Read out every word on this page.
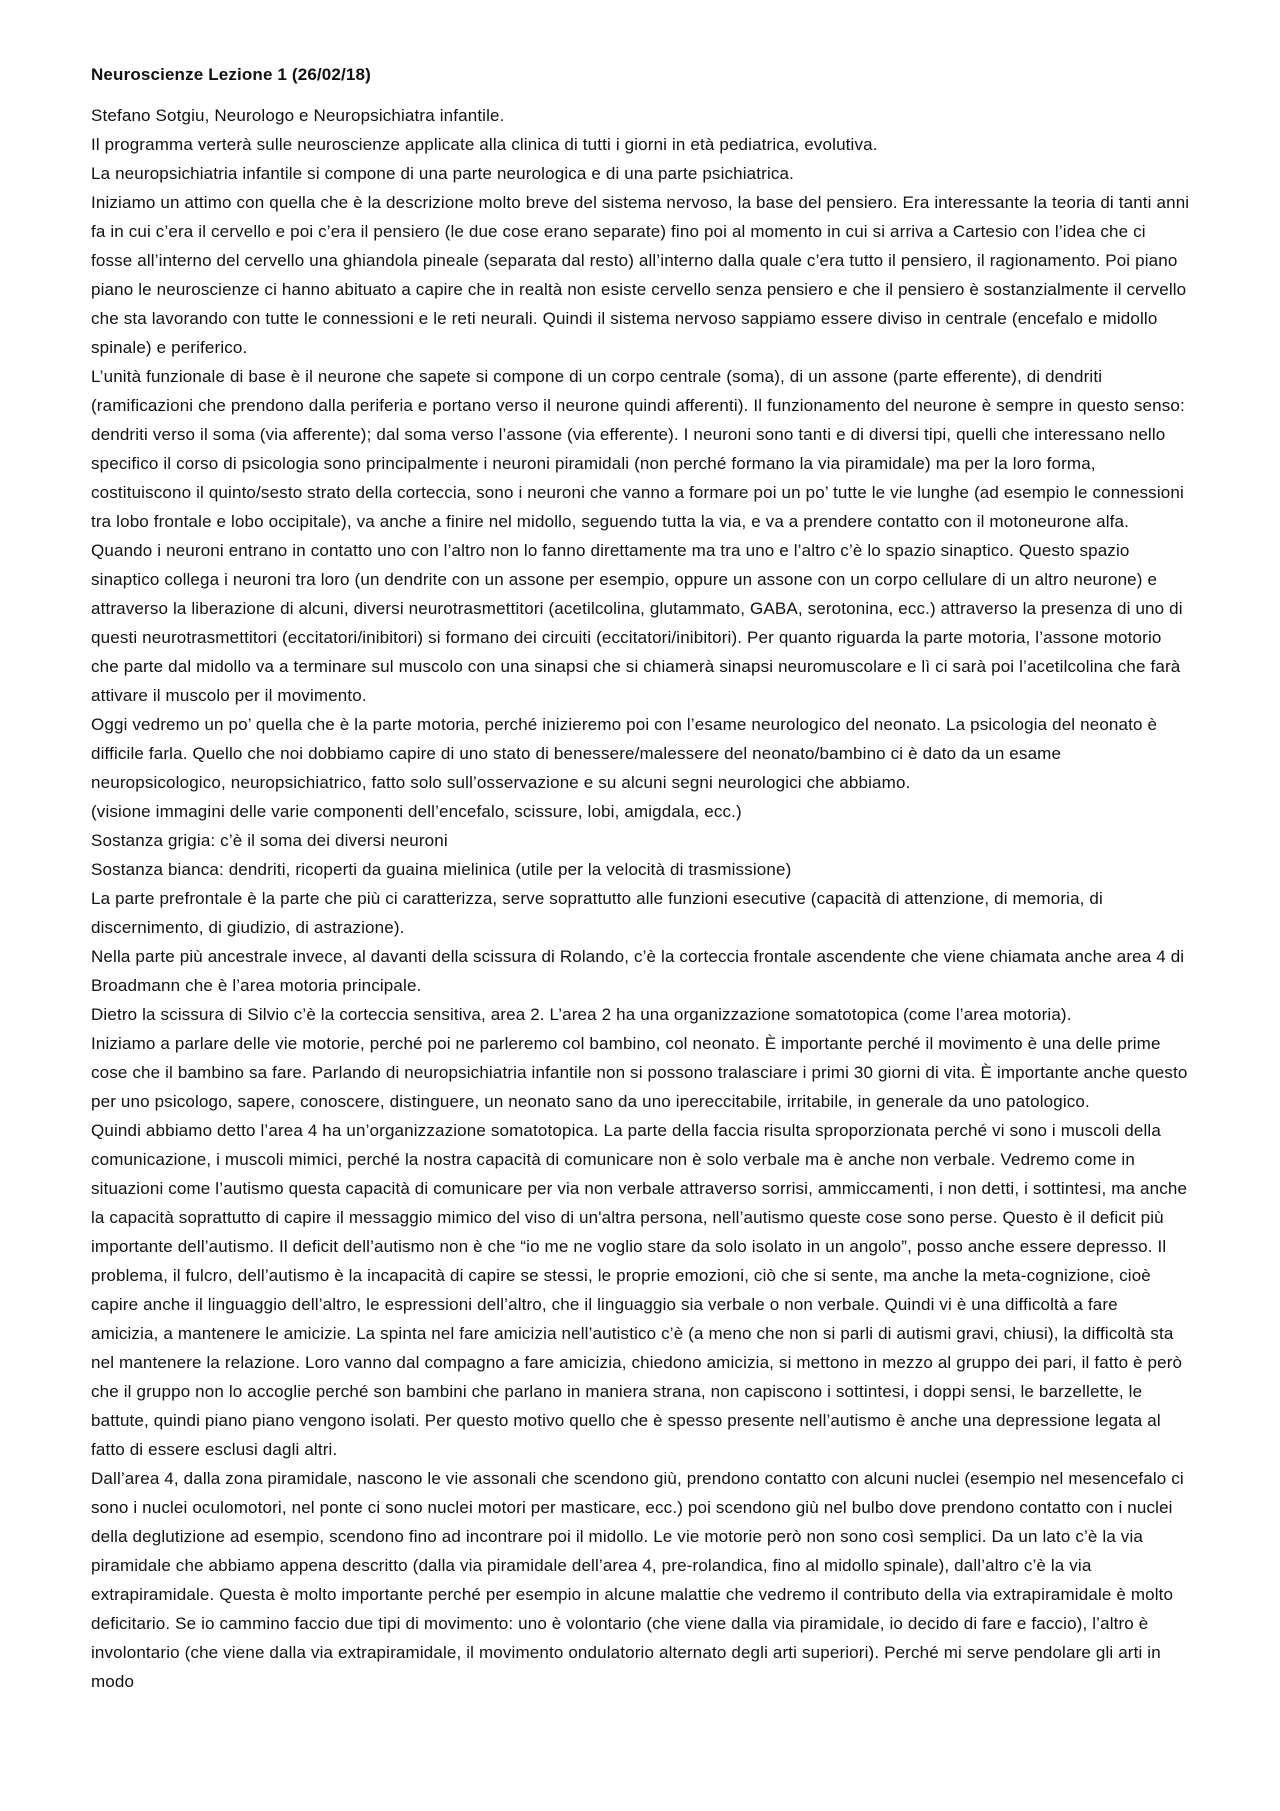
Neuroscienze Lezione 1 (26/02/18)

Stefano Sotgiu, Neurologo e Neuropsichiatra infantile.

Il programma verterà sulle neuroscienze applicate alla clinica di tutti i giorni in età pediatrica, evolutiva.

La neuropsichiatria infantile si compone di una parte neurologica e di una parte psichiatrica.

Iniziamo un attimo con quella che è la descrizione molto breve del sistema nervoso, la base del pensiero. Era interessante la teoria di tanti anni fa in cui c’era il cervello e poi c’era il pensiero (le due cose erano separate) fino poi al momento in cui si arriva a Cartesio con l’idea che ci fosse all’interno del cervello una ghiandola pineale (separata dal resto) all’interno dalla quale c’era tutto il pensiero, il ragionamento. Poi piano piano le neuroscienze ci hanno abituato a capire che in realtà non esiste cervello senza pensiero e che il pensiero è sostanzialmente il cervello che sta lavorando con tutte le connessioni e le reti neurali. Quindi il sistema nervoso sappiamo essere diviso in centrale (encefalo e midollo spinale) e periferico.

L’unità funzionale di base è il neurone che sapete si compone di un corpo centrale (soma), di un assone (parte efferente), di dendriti (ramificazioni che prendono dalla periferia e portano verso il neurone quindi afferenti). Il funzionamento del neurone è sempre in questo senso: dendriti verso il soma (via afferente); dal soma verso l’assone (via efferente). I neuroni sono tanti e di diversi tipi, quelli che interessano nello specifico il corso di psicologia sono principalmente i neuroni piramidali (non perché formano la via piramidale) ma per la loro forma, costituiscono il quinto/sesto strato della corteccia, sono i neuroni che vanno a formare poi un po’ tutte le vie lunghe (ad esempio le connessioni tra lobo frontale e lobo occipitale), va anche a finire nel midollo, seguendo tutta la via, e va a prendere contatto con il motoneurone alfa. Quando i neuroni entrano in contatto uno con l’altro non lo fanno direttamente ma tra uno e l’altro c’è lo spazio sinaptico. Questo spazio sinaptico collega i neuroni tra loro (un dendrite con un assone per esempio, oppure un assone con un corpo cellulare di un altro neurone) e attraverso la liberazione di alcuni, diversi neurotrasmettitori (acetilcolina, glutammato, GABA, serotonina, ecc.) attraverso la presenza di uno di questi neurotrasmettitori (eccitatori/inibitori) si formano dei circuiti (eccitatori/inibitori). Per quanto riguarda la parte motoria, l’assone motorio che parte dal midollo va a terminare sul muscolo con una sinapsi che si chiamerà sinapsi neuromuscolare e lì ci sarà poi l’acetilcolina che farà attivare il muscolo per il movimento.

Oggi vedremo un po’ quella che è la parte motoria, perché inizieremo poi con l’esame neurologico del neonato. La psicologia del neonato è difficile farla. Quello che noi dobbiamo capire di uno stato di benessere/malessere del neonato/bambino ci è dato da un esame neuropsicologico, neuropsichiatrico, fatto solo sull’osservazione e su alcuni segni neurologici che abbiamo.

(visione immagini delle varie componenti dell’encefalo, scissure, lobi, amigdala, ecc.)

Sostanza grigia: c’è il soma dei diversi neuroni

Sostanza bianca: dendriti, ricoperti da guaina mielinica (utile per la velocità di trasmissione)

La parte prefrontale è la parte che più ci caratterizza, serve soprattutto alle funzioni esecutive (capacità di attenzione, di memoria, di discernimento, di giudizio, di astrazione).

Nella parte più ancestrale invece, al davanti della scissura di Rolando, c’è la corteccia frontale ascendente che viene chiamata anche area 4 di Broadmann che è l’area motoria principale.

Dietro la scissura di Silvio c’è la corteccia sensitiva, area 2. L’area 2 ha una organizzazione somatotopica (come l’area motoria).

Iniziamo a parlare delle vie motorie, perché poi ne parleremo col bambino, col neonato. È importante perché il movimento è una delle prime cose che il bambino sa fare. Parlando di neuropsichiatria infantile non si possono tralasciare i primi 30 giorni di vita. È importante anche questo per uno psicologo, sapere, conoscere, distinguere, un neonato sano da uno ipereccitabile, irritabile, in generale da uno patologico.

Quindi abbiamo detto l’area 4 ha un’organizzazione somatotopica. La parte della faccia risulta sproporzionata perché vi sono i muscoli della comunicazione, i muscoli mimici, perché la nostra capacità di comunicare non è solo verbale ma è anche non verbale. Vedremo come in situazioni come l’autismo questa capacità di comunicare per via non verbale attraverso sorrisi, ammiccamenti, i non detti, i sottintesi, ma anche la capacità soprattutto di capire il messaggio mimico del viso di un'altra persona, nell’autismo queste cose sono perse. Questo è il deficit più importante dell’autismo. Il deficit dell’autismo non è che “io me ne voglio stare da solo isolato in un angolo”, posso anche essere depresso. Il problema, il fulcro, dell’autismo è la incapacità di capire se stessi, le proprie emozioni, ciò che si sente, ma anche la meta-cognizione, cioè capire anche il linguaggio dell’altro, le espressioni dell’altro, che il linguaggio sia verbale o non verbale. Quindi vi è una difficoltà a fare amicizia, a mantenere le amicizie. La spinta nel fare amicizia nell’autistico c’è (a meno che non si parli di autismi gravi, chiusi), la difficoltà sta nel mantenere la relazione. Loro vanno dal compagno a fare amicizia, chiedono amicizia, si mettono in mezzo al gruppo dei pari, il fatto è però che il gruppo non lo accoglie perché son bambini che parlano in maniera strana, non capiscono i sottintesi, i doppi sensi, le barzellette, le battute, quindi piano piano vengono isolati. Per questo motivo quello che è spesso presente nell’autismo è anche una depressione legata al fatto di essere esclusi dagli altri.

Dall’area 4, dalla zona piramidale, nascono le vie assonali che scendono giù, prendono contatto con alcuni nuclei (esempio nel mesencefalo ci sono i nuclei oculomotori, nel ponte ci sono nuclei motori per masticare, ecc.) poi scendono giù nel bulbo dove prendono contatto con i nuclei della deglutizione ad esempio, scendono fino ad incontrare poi il midollo. Le vie motorie però non sono così semplici. Da un lato c’è la via piramidale che abbiamo appena descritto (dalla via piramidale dell’area 4, pre-rolandica, fino al midollo spinale), dall’altro c’è la via extrapiramidale. Questa è molto importante perché per esempio in alcune malattie che vedremo il contributo della via extrapiramidale è molto deficitario. Se io cammino faccio due tipi di movimento: uno è volontario (che viene dalla via piramidale, io decido di fare e faccio), l’altro è involontario (che viene dalla via extrapiramidale, il movimento ondulatorio alternato degli arti superiori). Perché mi serve pendolare gli arti in modo
